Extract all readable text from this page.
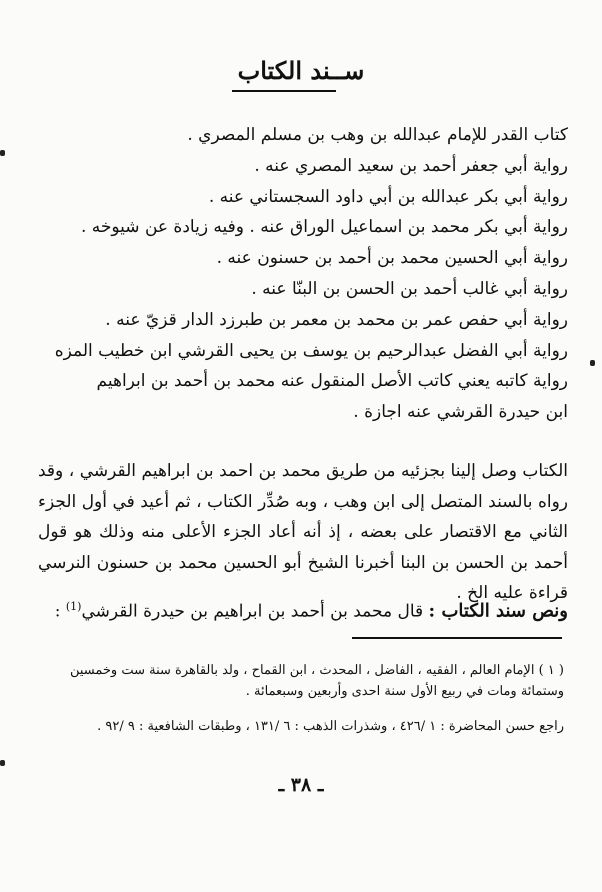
ســند الكتاب
كتاب القدر للإمام عبدالله بن وهب بن مسلم المصري .
رواية أبي جعفر أحمد بن سعيد المصري عنه .
رواية أبي بكر عبدالله بن أبي داود السجستاني عنه .
رواية أبي بكر محمد بن اسماعيل الوراق عنه . وفيه زيادة عن شيوخه .
رواية أبي الحسين محمد بن أحمد بن حسنون عنه .
رواية أبي غالب أحمد بن الحسن بن البنّا عنه .
رواية أبي حفص عمر بن محمد بن معمر بن طبرزد الدار قزيّ عنه .
رواية أبي الفضل عبدالرحيم بن يوسف بن يحيى القرشي ابن خطيب المزه
رواية كاتبه يعني كاتب الأصل المنقول عنه محمد بن أحمد بن ابراهيم
ابن حيدرة القرشي عنه اجازة .

الكتاب وصل إلينا بجزئيه من طريق محمد بن احمد بن ابراهيم القرشي ، وقد رواه بالسند المتصل إلى ابن وهب ، وبه صُدِّر الكتاب ، ثم أعيد في أول الجزء الثاني مع الاقتصار على بعضه ، إذ أنه أعاد الجزء الأعلى منه وذلك هو قول أحمد بن الحسن بن البنا أخبرنا الشيخ أبو الحسين محمد بن حسنون النرسي قراءة عليه الخ .

ونص سند الكتاب : قال محمد بن أحمد بن ابراهيم بن حيدرة القرشي$^{(1)}$ :

( ١ ) الإمام العالم ، الفقيه ، الفاضل ، المحدث ، ابن القماح ، ولد بالقاهرة سنة ست وخمسين وستمائة ومات في ربيع الأول سنة احدى وأربعين وسبعمائة .

راجع حسن المحاضرة : ١ /٤٢٦ ، وشذرات الذهب : ٦ /١٣١ ، وطبقات الشافعية : ٩ /٩٢ .

ـ ٣٨ ـ
